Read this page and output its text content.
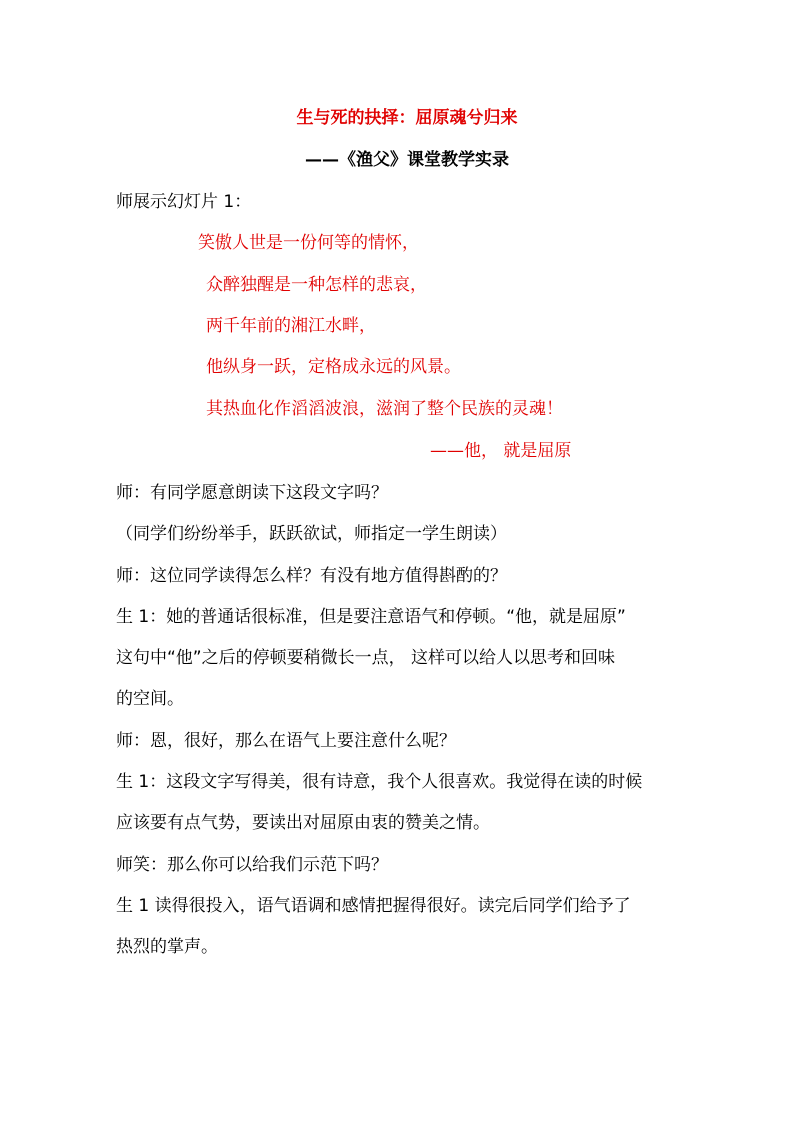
生与死的抉择：屈原魂兮归来
——《渔父》课堂教学实录
师展示幻灯片 1：
笑傲人世是一份何等的情怀，
众醉独醒是一种怎样的悲哀，
两千年前的湘江水畔，
他纵身一跃，定格成永远的风景。
其热血化作滔滔波浪，滋润了整个民族的灵魂！
——他， 就是屈原
师：有同学愿意朗读下这段文字吗？
（同学们纷纷举手，跃跃欲试，师指定一学生朗读）
师：这位同学读得怎么样？有没有地方值得斟酌的？
生 1：她的普通话很标准，但是要注意语气和停顿。“他，就是屈原”
这句中“他”之后的停顿要稍微长一点， 这样可以给人以思考和回味
的空间。
师：恩，很好，那么在语气上要注意什么呢？
生 1：这段文字写得美，很有诗意，我个人很喜欢。我觉得在读的时候
应该要有点气势，要读出对屈原由衷的赞美之情。
师笑：那么你可以给我们示范下吗？
生 1 读得很投入，语气语调和感情把握得很好。读完后同学们给予了
热烈的掌声。
